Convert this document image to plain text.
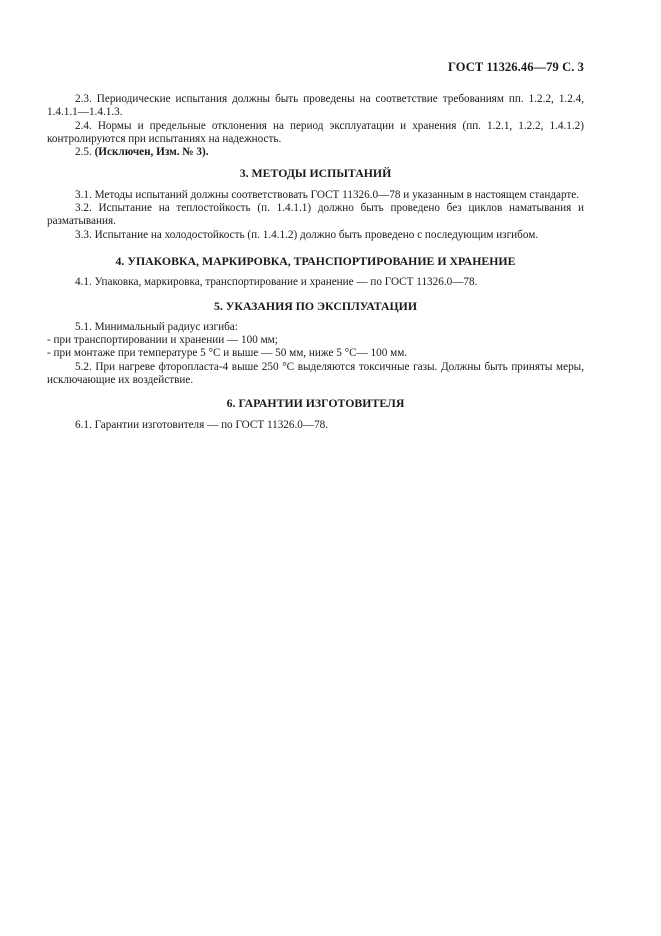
ГОСТ 11326.46—79 С. 3

2.3. Периодические испытания должны быть проведены на соответствие требованиям пп. 1.2.2, 1.2.4, 1.4.1.1—1.4.1.3.

2.4. Нормы и предельные отклонения на период эксплуатации и хранения (пп. 1.2.1, 1.2.2, 1.4.1.2) контролируются при испытаниях на надежность.

2.5. (Исключен, Изм. № 3).

3. МЕТОДЫ ИСПЫТАНИЙ

3.1. Методы испытаний должны соответствовать ГОСТ 11326.0—78 и указанным в настоящем стандарте.

3.2. Испытание на теплостойкость (п. 1.4.1.1) должно быть проведено без циклов наматывания и разматывания.

3.3. Испытание на холодостойкость (п. 1.4.1.2) должно быть проведено с последующим изгибом.

4. УПАКОВКА, МАРКИРОВКА, ТРАНСПОРТИРОВАНИЕ И ХРАНЕНИЕ

4.1. Упаковка, маркировка, транспортирование и хранение — по ГОСТ 11326.0—78.

5. УКАЗАНИЯ ПО ЭКСПЛУАТАЦИИ

5.1. Минимальный радиус изгиба:

- при транспортировании и хранении — 100 мм;

- при монтаже при температуре 5 °С и выше — 50 мм, ниже 5 °С— 100 мм.

5.2. При нагреве фторопласта-4 выше 250 °С выделяются токсичные газы. Должны быть приняты меры, исключающие их воздействие.

6. ГАРАНТИИ ИЗГОТОВИТЕЛЯ

6.1. Гарантии изготовителя — по ГОСТ 11326.0—78.
